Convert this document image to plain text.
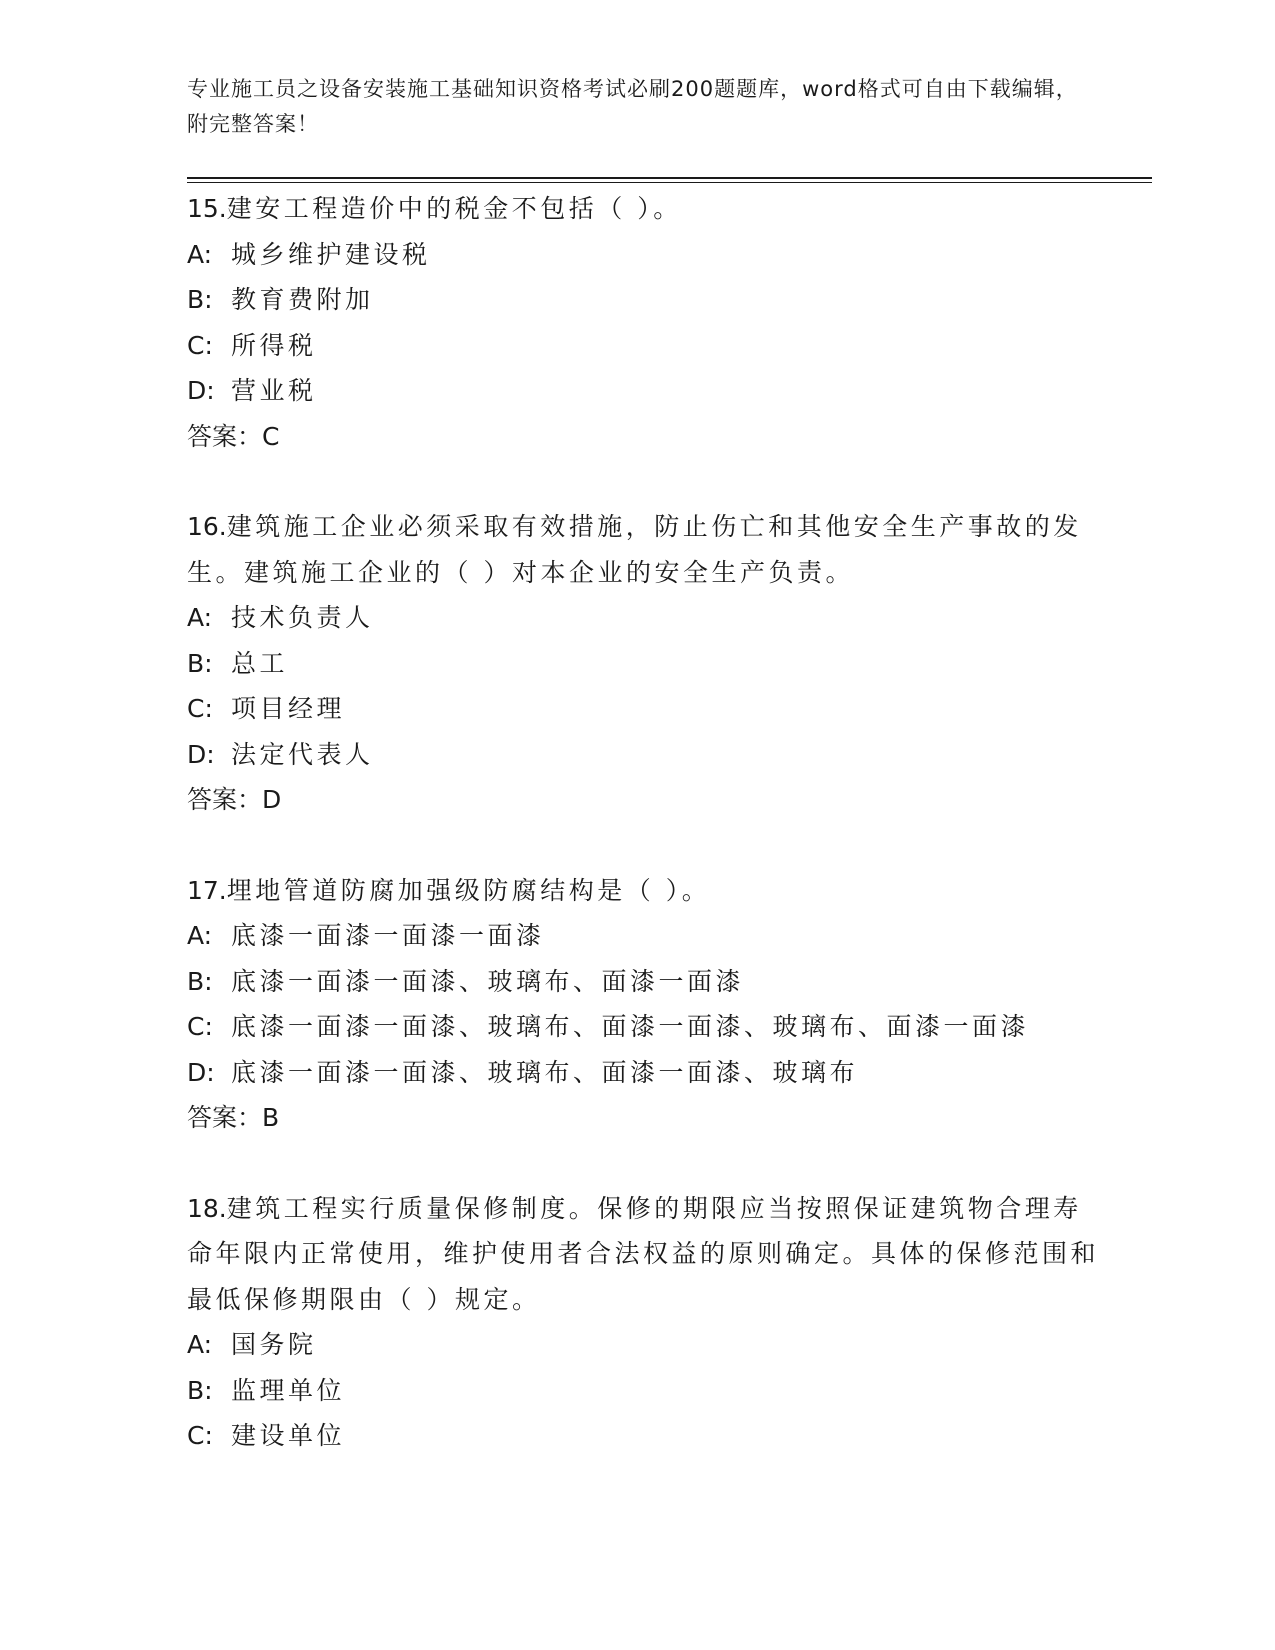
专业施工员之设备安装施工基础知识资格考试必刷200题题库，word格式可自由下载编辑，附完整答案！

15.建安工程造价中的税金不包括（ ）。

A: 城乡维护建设税

B: 教育费附加

C: 所得税

D: 营业税

答案：C

16.建筑施工企业必须采取有效措施，防止伤亡和其他安全生产事故的发生。建筑施工企业的（ ）对本企业的安全生产负责。

A: 技术负责人

B: 总工

C: 项目经理

D: 法定代表人

答案：D

17.埋地管道防腐加强级防腐结构是（ ）。

A: 底漆一面漆一面漆一面漆

B: 底漆一面漆一面漆、玻璃布、面漆一面漆

C: 底漆一面漆一面漆、玻璃布、面漆一面漆、玻璃布、面漆一面漆

D: 底漆一面漆一面漆、玻璃布、面漆一面漆、玻璃布

答案：B

18.建筑工程实行质量保修制度。保修的期限应当按照保证建筑物合理寿命年限内正常使用，维护使用者合法权益的原则确定。具体的保修范围和最低保修期限由（ ）规定。

A: 国务院

B: 监理单位

C: 建设单位
